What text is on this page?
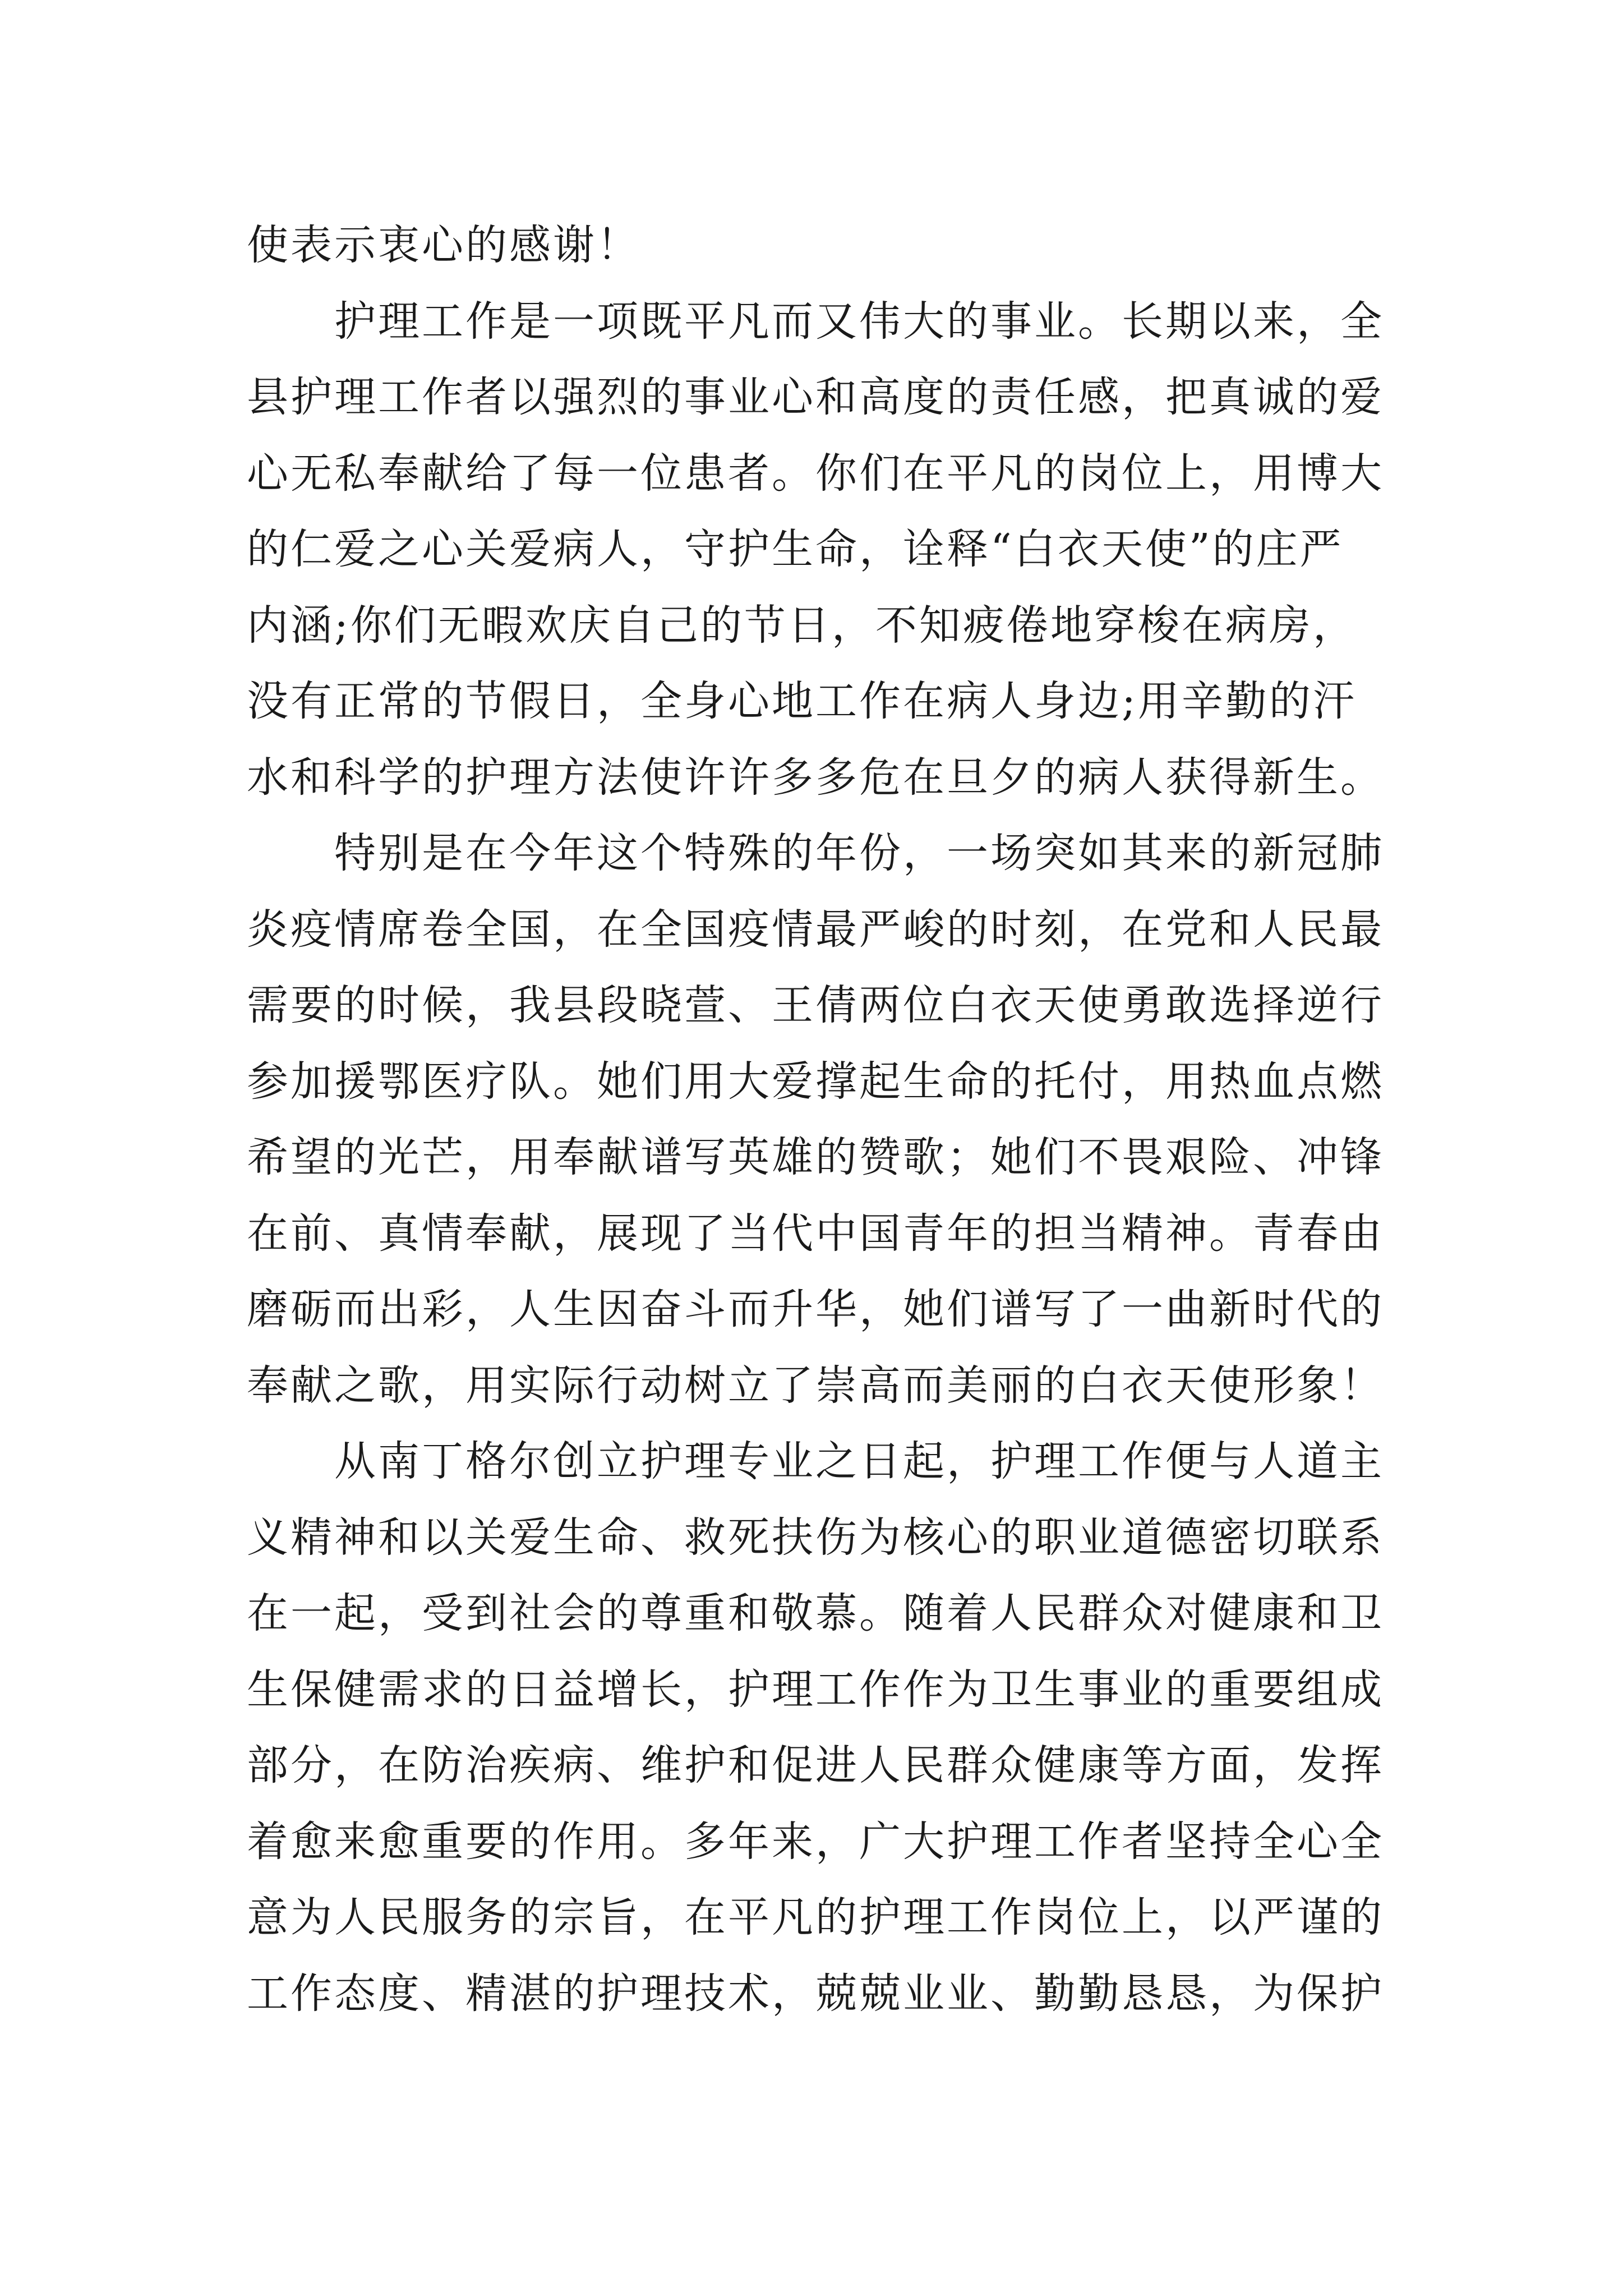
使表示衷心的感谢！
护理工作是一项既平凡而又伟大的事业。长期以来，全
县护理工作者以强烈的事业心和高度的责任感，把真诚的爱
心无私奉献给了每一位患者。你们在平凡的岗位上，用博大
的仁爱之心关爱病人，守护生命，诠释“白衣天使”的庄严
内涵;你们无暇欢庆自己的节日，不知疲倦地穿梭在病房，
没有正常的节假日，全身心地工作在病人身边;用辛勤的汗
水和科学的护理方法使许许多多危在旦夕的病人获得新生。
特别是在今年这个特殊的年份，一场突如其来的新冠肺
炎疫情席卷全国，在全国疫情最严峻的时刻，在党和人民最
需要的时候，我县段晓萱、王倩两位白衣天使勇敢选择逆行
参加援鄂医疗队。她们用大爱撑起生命的托付，用热血点燃
希望的光芒，用奉献谱写英雄的赞歌；她们不畏艰险、冲锋
在前、真情奉献，展现了当代中国青年的担当精神。青春由
磨砺而出彩，人生因奋斗而升华，她们谱写了一曲新时代的
奉献之歌，用实际行动树立了崇高而美丽的白衣天使形象！
从南丁格尔创立护理专业之日起，护理工作便与人道主
义精神和以关爱生命、救死扶伤为核心的职业道德密切联系
在一起，受到社会的尊重和敬慕。随着人民群众对健康和卫
生保健需求的日益增长，护理工作作为卫生事业的重要组成
部分，在防治疾病、维护和促进人民群众健康等方面，发挥
着愈来愈重要的作用。多年来，广大护理工作者坚持全心全
意为人民服务的宗旨，在平凡的护理工作岗位上，以严谨的
工作态度、精湛的护理技术，兢兢业业、勤勤恳恳，为保护
